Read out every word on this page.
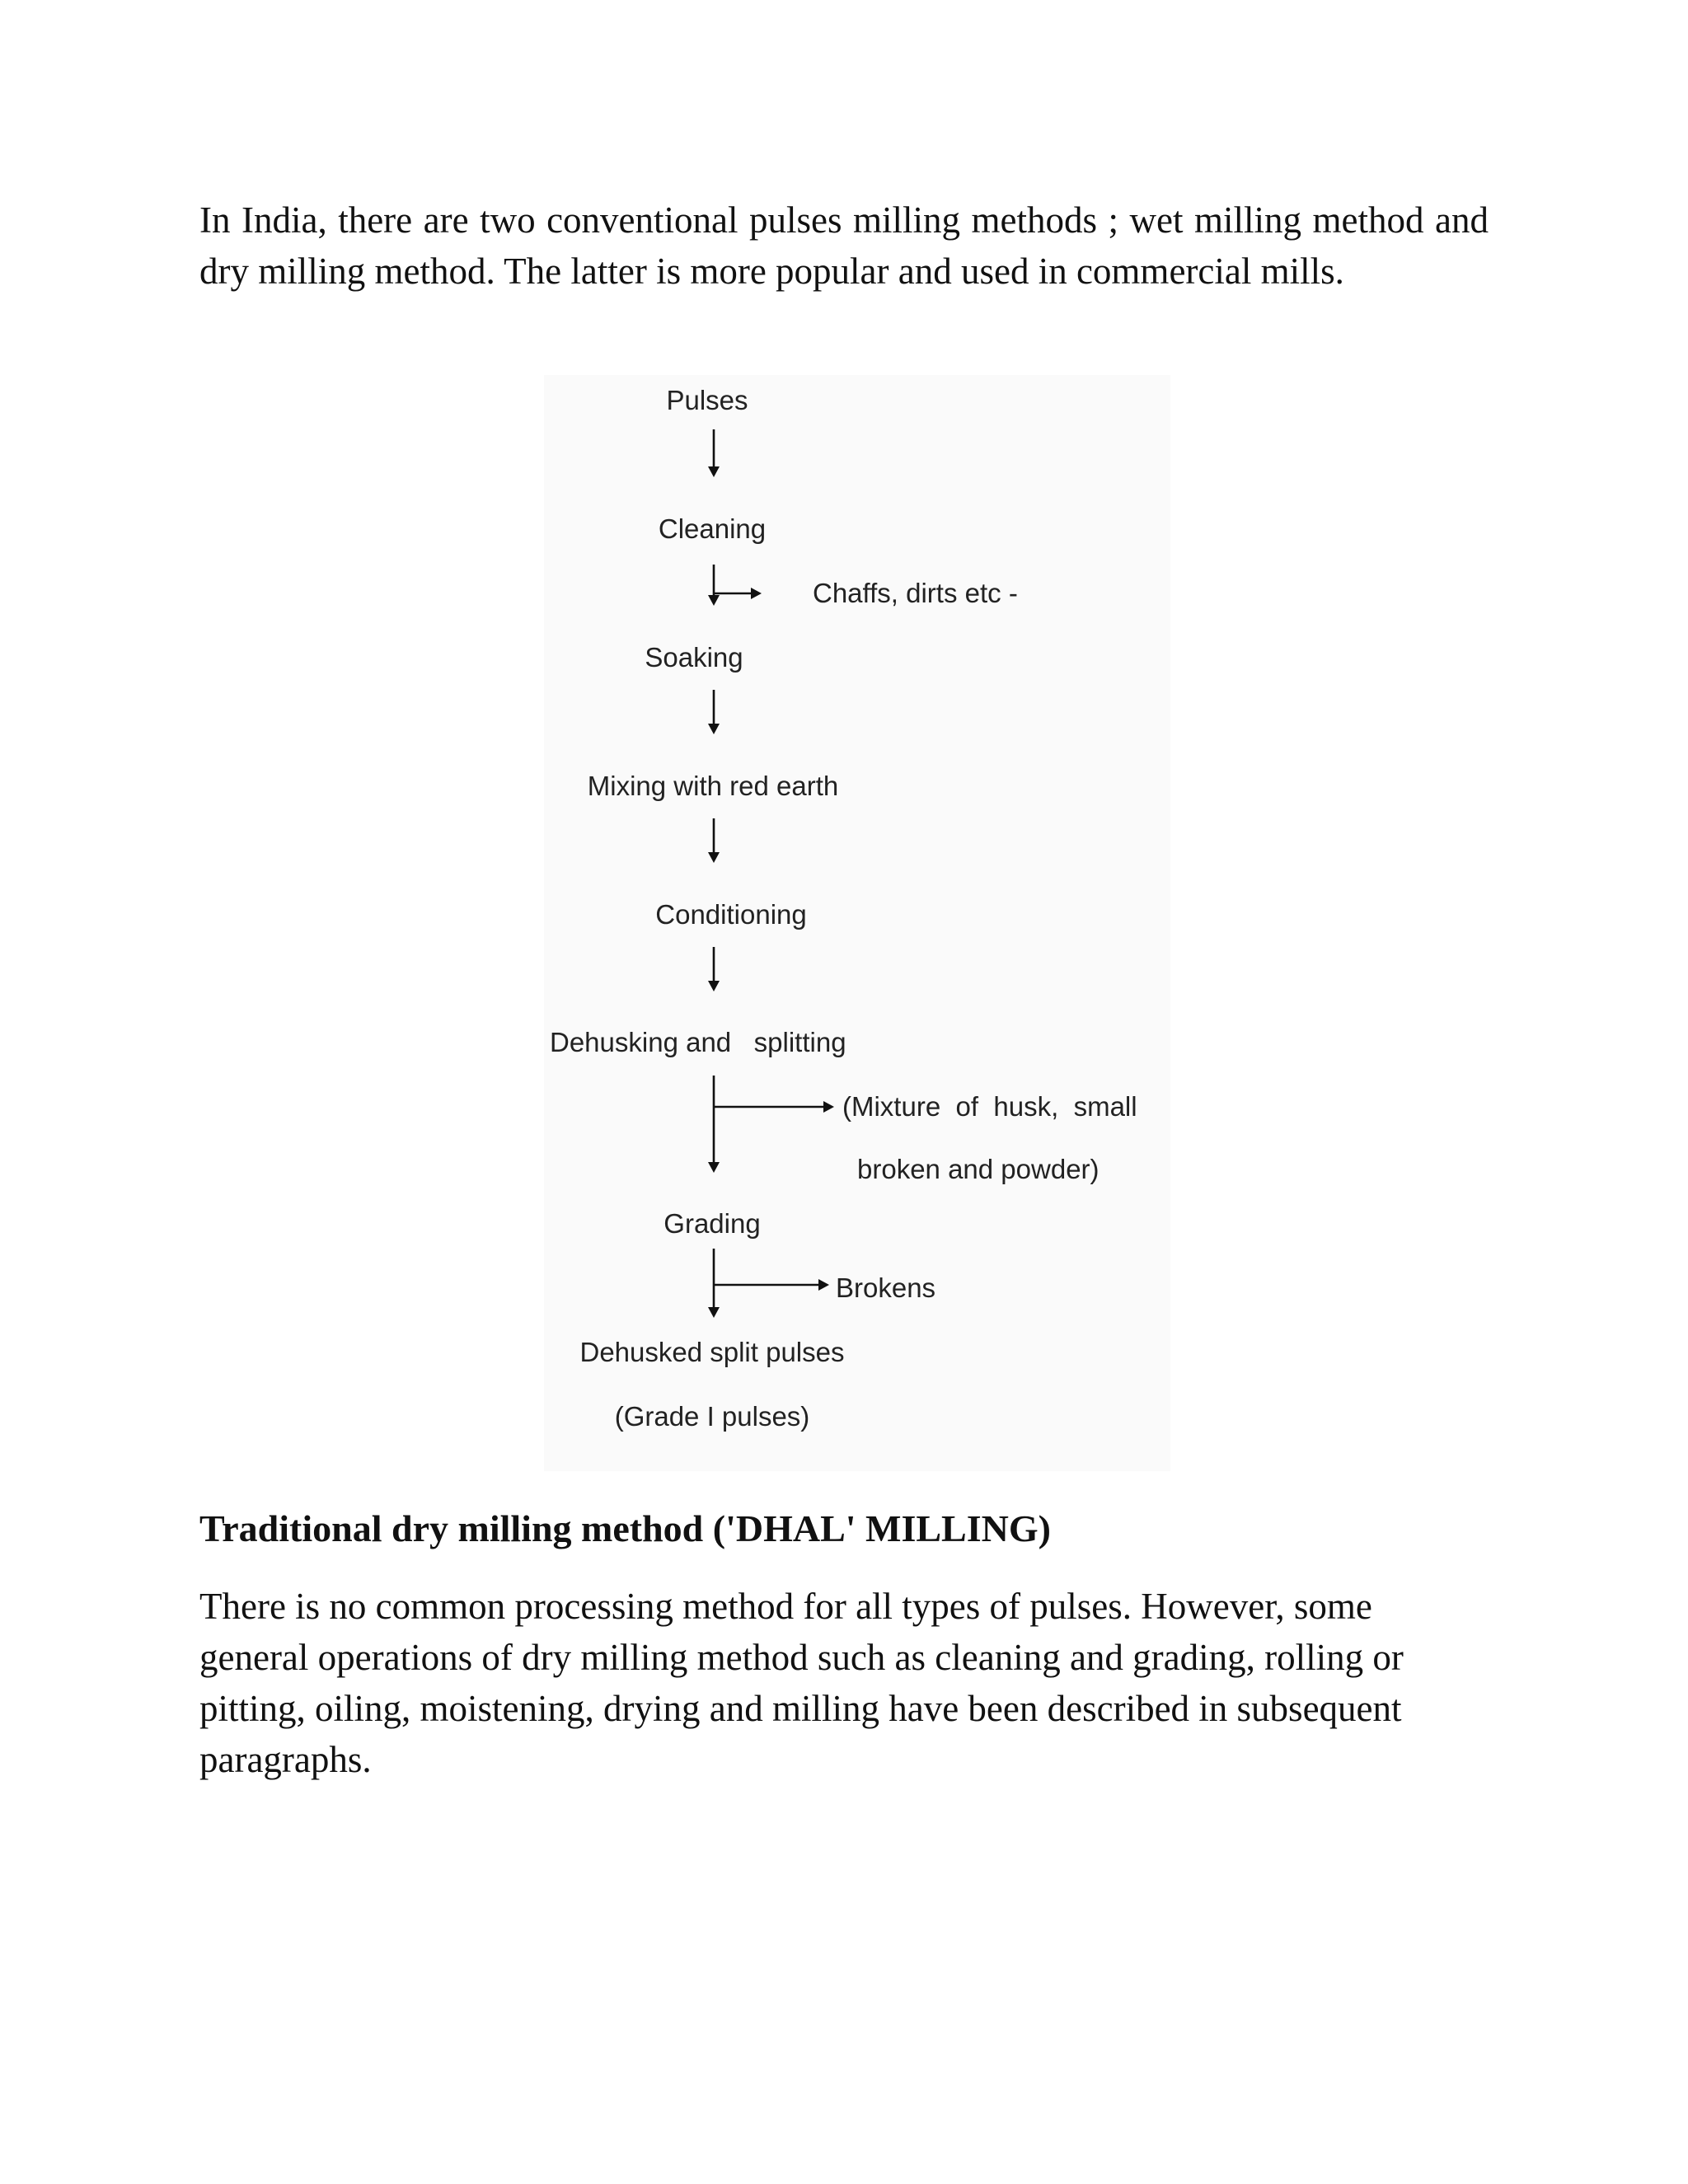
In India, there are two conventional pulses milling methods ; wet milling method and dry milling method. The latter is more popular and used in commercial mills.

Pulses
Cleaning
Soaking
Mixing with red earth
Conditioning
Dehusking and   splitting
Grading
Dehusked split pulses
(Grade I pulses)
Chaffs, dirts etc -
(Mixture  of  husk,  small
broken and powder)
Brokens
Traditional dry milling method ('DHAL' MILLING)

There is no common processing method for all types of pulses. However, some general operations of dry milling method such as cleaning and grading, rolling or pitting, oiling, moistening, drying and milling have been described in subsequent paragraphs.
